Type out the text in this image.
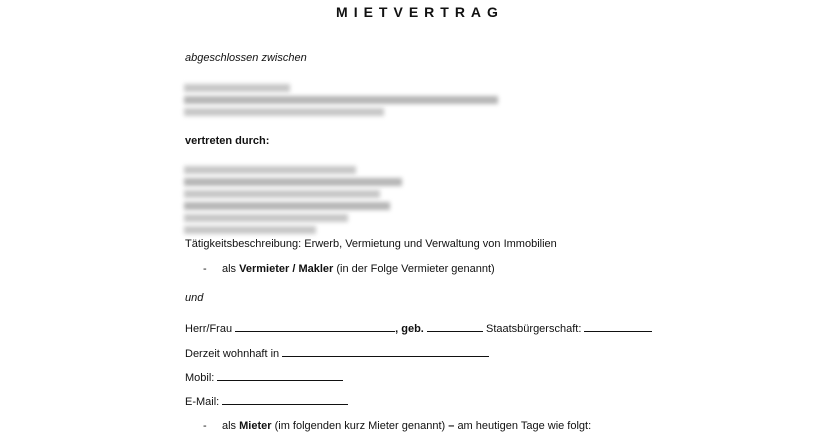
MIETVERTRAG
abgeschlossen zwischen
vertreten durch:
Tätigkeitsbeschreibung: Erwerb, Vermietung und Verwaltung von Immobilien
- als Vermieter / Makler (in der Folge Vermieter genannt)
und
Herr/Frau	, geb.	Staatsbürgerschaft:
Derzeit wohnhaft in
Mobil:
E-Mail:
- als Mieter (im folgenden kurz Mieter genannt) – am heutigen Tage wie folgt:
